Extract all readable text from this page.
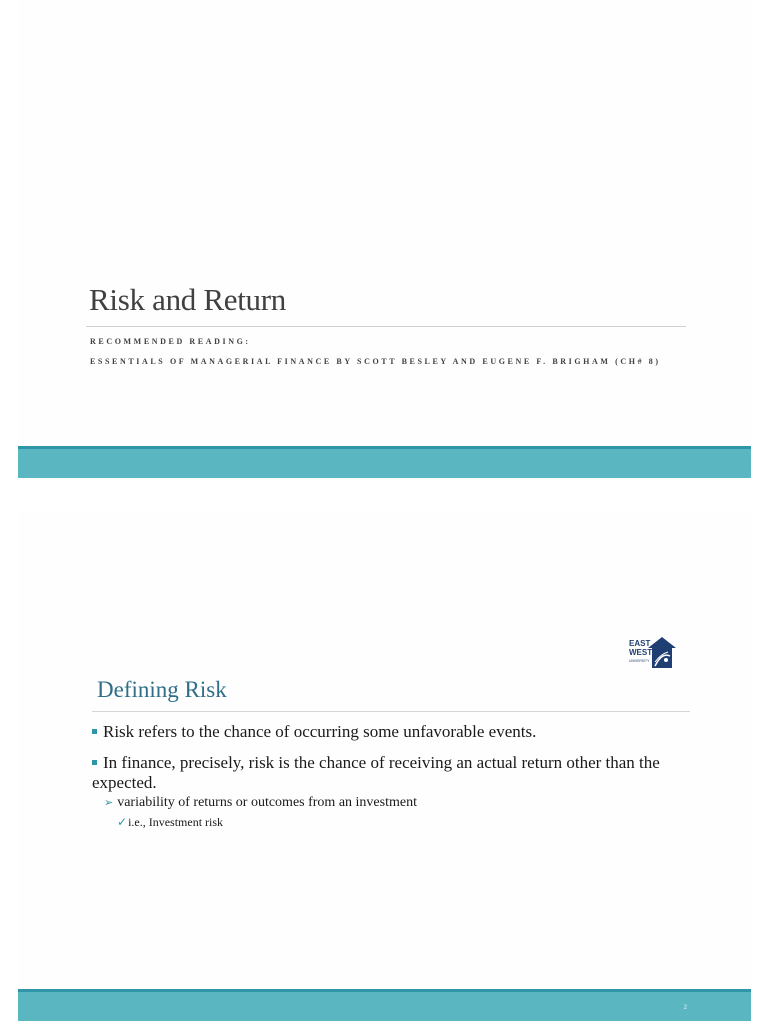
Risk and Return
RECOMMENDED READING:
ESSENTIALS OF MANAGERIAL FINANCE BY SCOTT BESLEY AND EUGENE F. BRIGHAM (CH# 8)
EAST
WEST
UNIVERSITY
Defining Risk
Risk refers to the chance of occurring some unfavorable events.
In finance, precisely, risk is the chance of receiving an actual return other than the expected.
➢ variability of returns or outcomes from an investment
✓i.e., Investment risk
2
